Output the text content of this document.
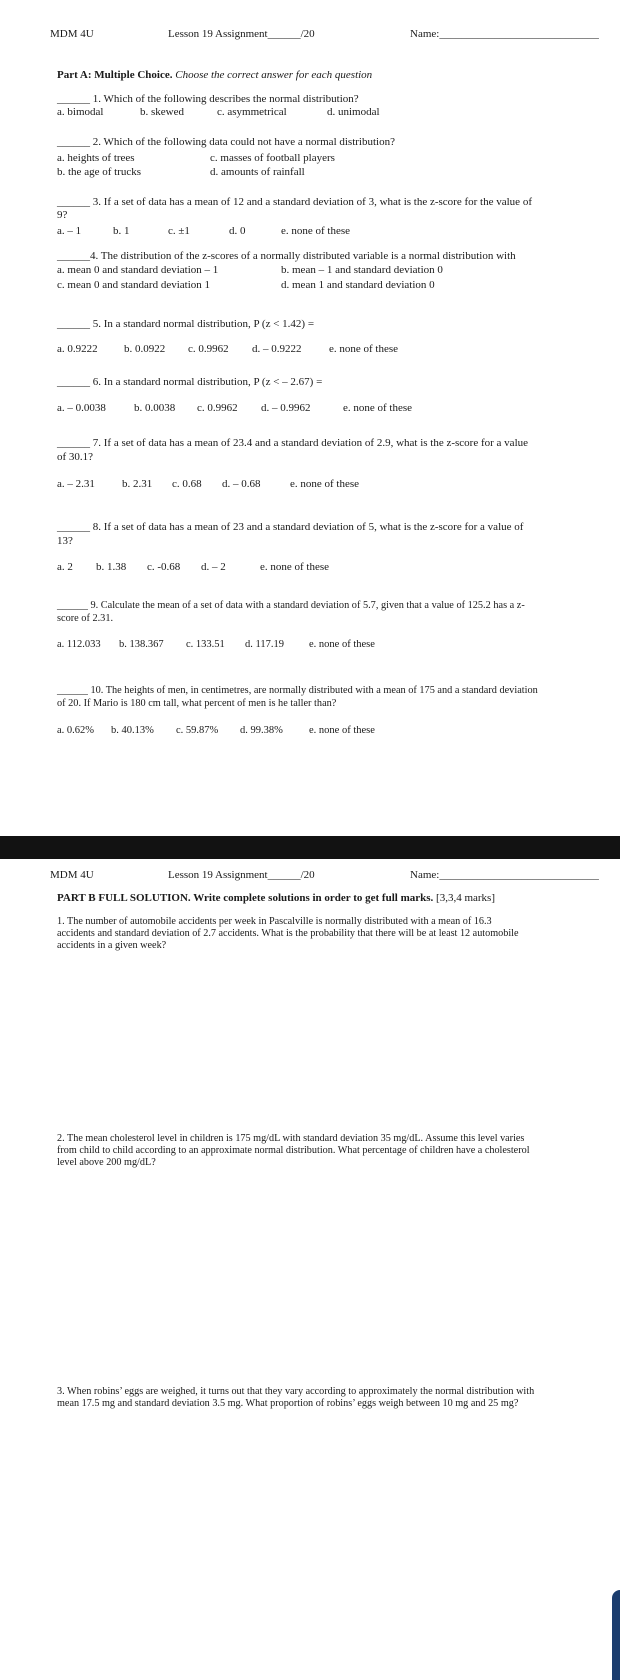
MDM 4U	Lesson 19 Assignment______/20	Name:_____________________________
Part A: Multiple Choice. Choose the correct answer for each question
______ 1. Which of the following describes the normal distribution?
a. bimodal	b. skewed	c. asymmetrical	d. unimodal
______ 2. Which of the following data could not have a normal distribution?
a. heights of trees	c. masses of football players
b. the age of trucks	d. amounts of rainfall
______ 3. If a set of data has a mean of 12 and a standard deviation of 3, what is the z-score for the value of
9?
a. – 1	b. 1	c. ±1	d. 0	e. none of these
______4. The distribution of the z-scores of a normally distributed variable is a normal distribution with
a. mean 0 and standard deviation – 1	b. mean – 1 and standard deviation 0
c. mean 0 and standard deviation 1	d. mean 1 and standard deviation 0
______ 5. In a standard normal distribution, P (z < 1.42) =
a. 0.9222 b. 0.0922 c. 0.9962 d. – 0.9222	e. none of these
______ 6. In a standard normal distribution, P (z < – 2.67) =
a. – 0.0038	b. 0.0038 c. 0.9962 d. – 0.9962	e. none of these
______ 7. If a set of data has a mean of 23.4 and a standard deviation of 2.9, what is the z-score for a value
of 30.1?
a. – 2.31 b. 2.31 c. 0.68 d. – 0.68	e. none of these
______ 8. If a set of data has a mean of 23 and a standard deviation of 5, what is the z-score for a value of
13?
a. 2 b. 1.38 c. -0.68 d. – 2	e. none of these
______ 9. Calculate the mean of a set of data with a standard deviation of 5.7, given that a value of 125.2 has a z-
score of 2.31.
a. 112.033 b. 138.367 c. 133.51 d. 117.19 e. none of these
______ 10. The heights of men, in centimetres, are normally distributed with a mean of 175 and a standard deviation
of 20. If Mario is 180 cm tall, what percent of men is he taller than?
a. 0.62% b. 40.13% c. 59.87% d. 99.38% e. none of these
MDM 4U	Lesson 19 Assignment______/20	Name:_____________________________
PART B FULL SOLUTION. Write complete solutions in order to get full marks. [3,3,4 marks]
1. The number of automobile accidents per week in Pascalville is normally distributed with a mean of 16.3
accidents and standard deviation of 2.7 accidents. What is the probability that there will be at least 12 automobile
accidents in a given week?
2. The mean cholesterol level in children is 175 mg/dL with standard deviation 35 mg/dL. Assume this level varies
from child to child according to an approximate normal distribution. What percentage of children have a cholesterol
level above 200 mg/dL?
3. When robins’ eggs are weighed, it turns out that they vary according to approximately the normal distribution with
mean 17.5 mg and standard deviation 3.5 mg. What proportion of robins’ eggs weigh between 10 mg and 25 mg?
